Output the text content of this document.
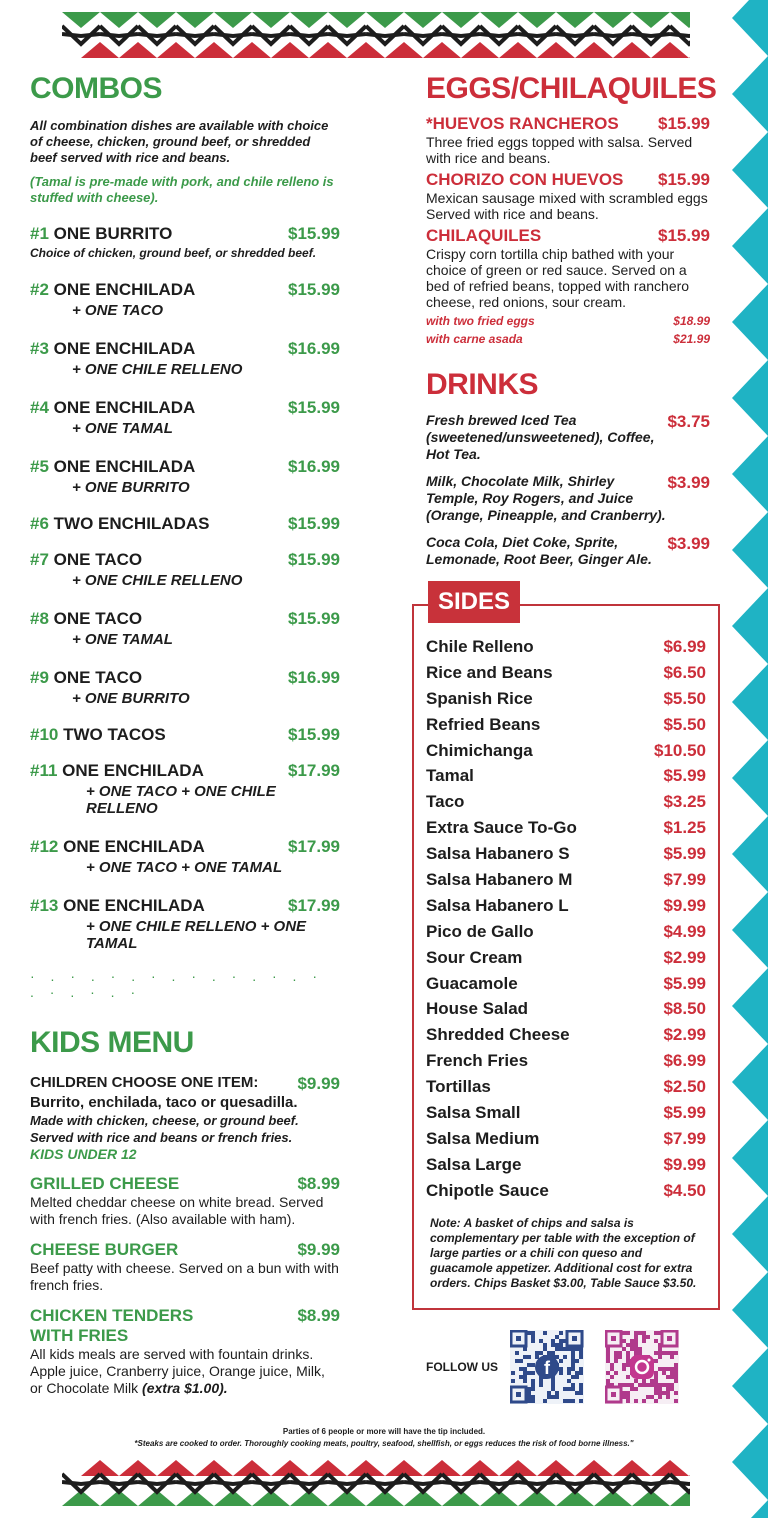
COMBOS
All combination dishes are available with choice of cheese, chicken, ground beef, or shredded beef served with rice and beans.
(Tamal is pre-made with pork, and chile relleno is stuffed with cheese).
#1 ONE BURRITO	$15.99
Choice of chicken, ground beef, or shredded beef.
#2 ONE ENCHILADA	$15.99
+ ONE TACO
#3 ONE ENCHILADA	$16.99
+ ONE CHILE RELLENO
#4 ONE ENCHILADA	$15.99
+ ONE TAMAL
#5 ONE ENCHILADA	$16.99
+ ONE BURRITO
#6 TWO ENCHILADAS	$15.99
#7 ONE TACO	$15.99
+ ONE CHILE RELLENO
#8 ONE TACO	$15.99
+ ONE TAMAL
#9 ONE TACO	$16.99
+ ONE BURRITO
#10 TWO TACOS	$15.99
#11 ONE ENCHILADA	$17.99
+ ONE TACO + ONE CHILE RELLENO
#12 ONE ENCHILADA	$17.99
+ ONE TACO + ONE TAMAL
#13 ONE ENCHILADA	$17.99
+ ONE CHILE RELLENO + ONE TAMAL
· . · . · . · . · . · . · . · . · . · . ·
KIDS MENU
CHILDREN CHOOSE ONE ITEM: $9.99
Burrito, enchilada, taco or quesadilla.
Made with chicken, cheese, or ground beef. Served with rice and beans or french fries.
KIDS UNDER 12
GRILLED CHEESE	$8.99
Melted cheddar cheese on white bread. Served with french fries. (Also available with ham).
CHEESE BURGER	$9.99
Beef patty with cheese. Served on a bun with with french fries.
CHICKEN TENDERS WITH FRIES
$8.99
All kids meals are served with fountain drinks. Apple juice, Cranberry juice, Orange juice, Milk, or Chocolate Milk (extra $1.00).
EGGS/CHILAQUILES
*HUEVOS RANCHEROS $15.99
Three fried eggs topped with salsa. Served with rice and beans.
CHORIZO CON HUEVOS $15.99
Mexican sausage mixed with scrambled eggs Served with rice and beans.
CHILAQUILES	$15.99
Crispy corn tortilla chip bathed with your choice of green or red sauce. Served on a bed of refried beans, topped with ranchero cheese, red onions, sour cream.
with two fried eggs	$18.99
with carne asada	$21.99
DRINKS
Fresh brewed Iced Tea (sweetened/unsweetened), Coffee, Hot Tea.
$3.75
Milk, Chocolate Milk, Shirley Temple, Roy Rogers, and Juice (Orange, Pineapple, and Cranberry).
$3.99
Coca Cola, Diet Coke, Sprite, Lemonade, Root Beer, Ginger Ale.
$3.99
SIDES
Chile Relleno	$6.99
Rice and Beans	$6.50
Spanish Rice	$5.50
Refried Beans	$5.50
Chimichanga	$10.50
Tamal	$5.99
Taco	$3.25
Extra Sauce To-Go	$1.25
Salsa Habanero S	$5.99
Salsa Habanero M	$7.99
Salsa Habanero L	$9.99
Pico de Gallo	$4.99
Sour Cream	$2.99
Guacamole	$5.99
House Salad	$8.50
Shredded Cheese	$2.99
French Fries	$6.99
Tortillas	$2.50
Salsa Small	$5.99
Salsa Medium	$7.99
Salsa Large	$9.99
Chipotle Sauce	$4.50
Note: A basket of chips and salsa is complementary per table with the exception of large parties or a chili con queso and guacamole appetizer. Additional cost for extra orders. Chips Basket $3.00, Table Sauce $3.50.
FOLLOW US	f
Parties of 6 people or more will have the tip included.
*Steaks are cooked to order. Thoroughly cooking meats, poultry, seafood, shellfish, or eggs reduces the risk of food borne illness."
